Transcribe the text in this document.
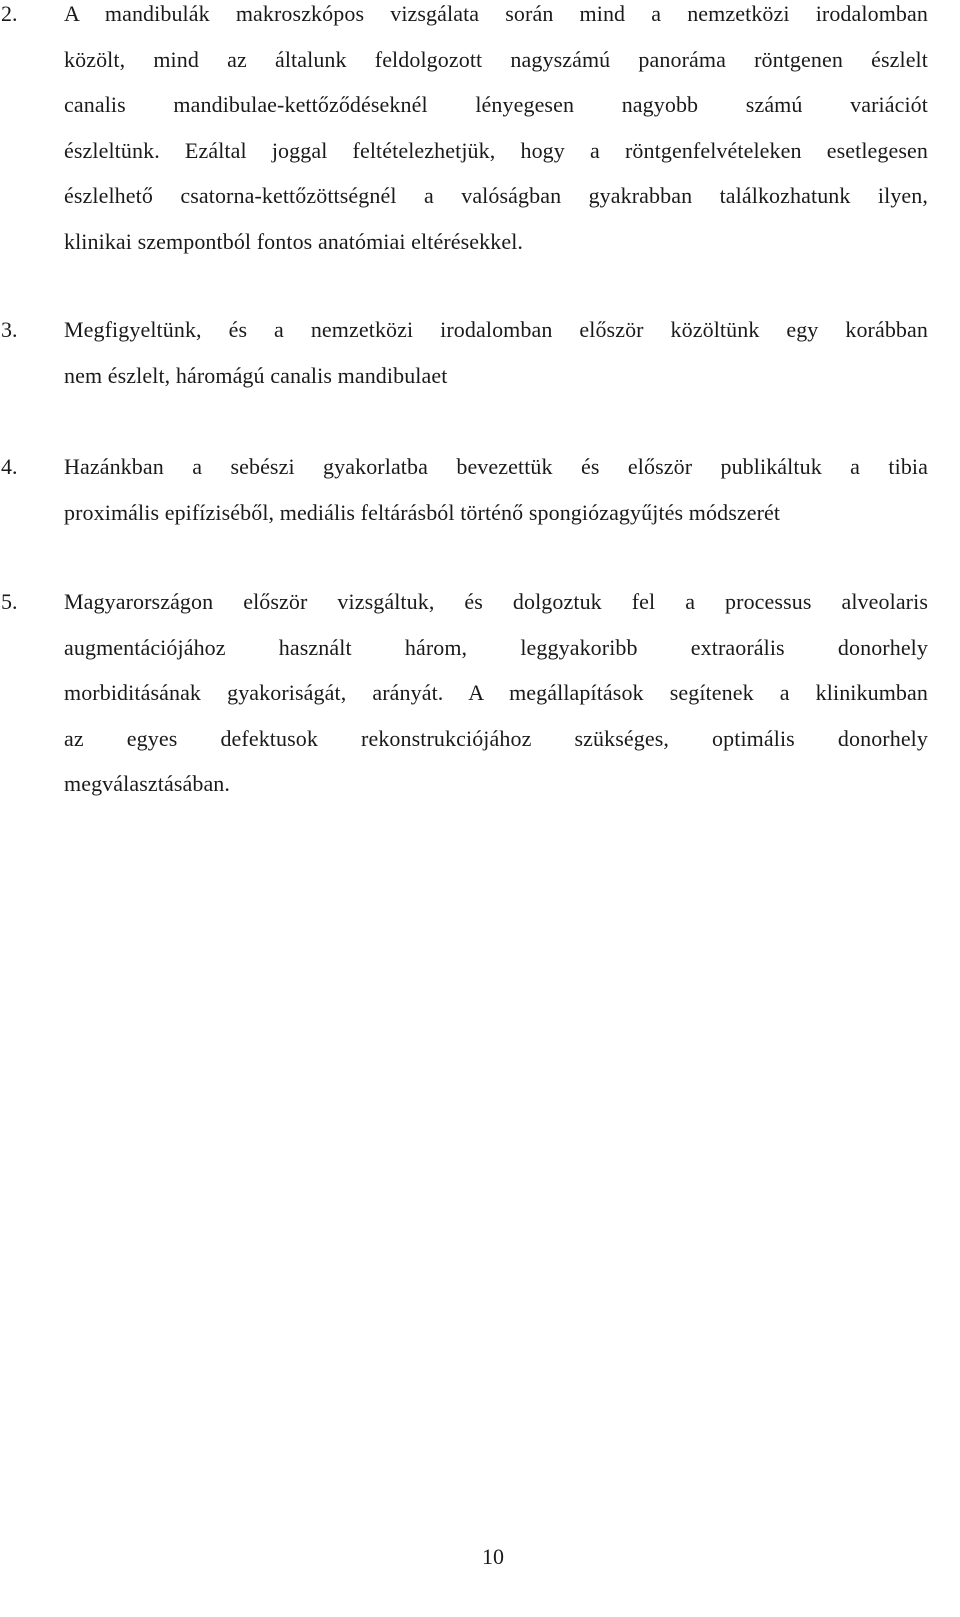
2. A mandibulák makroszkópos vizsgálata során mind a nemzetközi irodalomban
közölt, mind az általunk feldolgozott nagyszámú panoráma röntgenen észlelt
canalis mandibulae-kettőződéseknél lényegesen nagyobb számú variációt
észleltünk. Ezáltal joggal feltételezhetjük, hogy a röntgenfelvételeken esetlegesen
észlelhető csatorna-kettőzöttségnél a valóságban gyakrabban találkozhatunk ilyen,
klinikai szempontból fontos anatómiai eltérésekkel.
3. Megfigyeltünk, és a nemzetközi irodalomban először közöltünk egy korábban
nem észlelt, háromágú canalis mandibulaet
4. Hazánkban a sebészi gyakorlatba bevezettük és először publikáltuk a tibia
proximális epifíziséből, mediális feltárásból történő spongiózagyűjtés módszerét
5. Magyarországon először vizsgáltuk, és dolgoztuk fel a processus alveolaris
augmentációjához használt három, leggyakoribb extraorális donorhely
morbiditásának gyakoriságát, arányát. A megállapítások segítenek a klinikumban
az egyes defektusok rekonstrukciójához szükséges, optimális donorhely
megválasztásában.
10
